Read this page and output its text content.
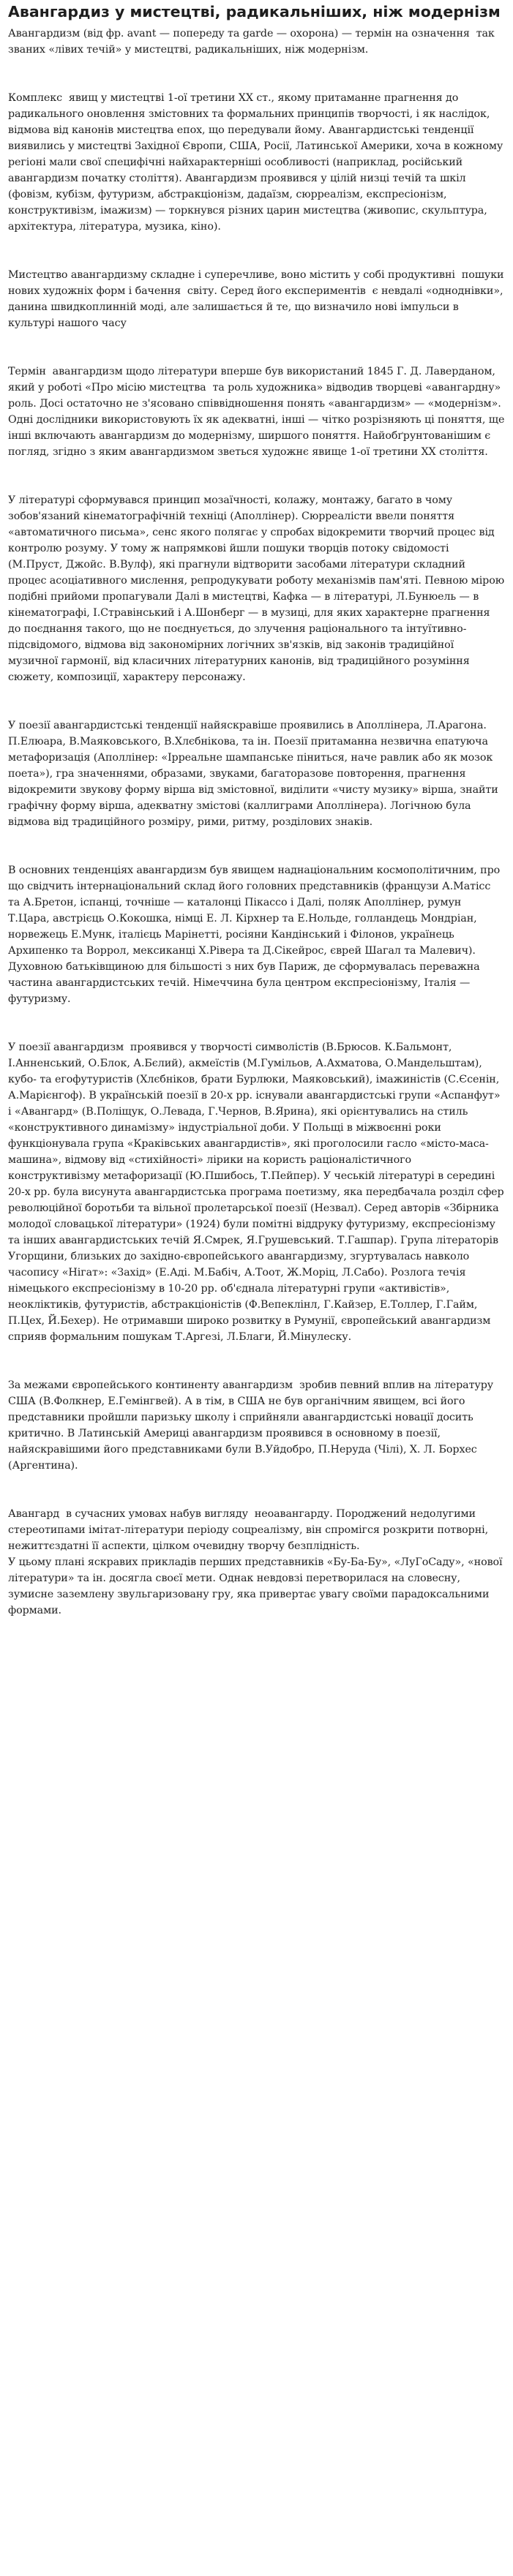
Авангардиз у мистецтві, радикальніших, ніж модернізм

Авангардизм (від фр. avant — попереду та garde — охорона) — термін на означення  так званих «лівих течій» у мистецтві, радикальніших, ніж модернізм.

Комплекс  явищ у мистецтві 1-ої третини XX ст., якому притаманне прагнення до радикального оновлення змістовних та формальних принципів творчості, і як наслідок, відмова від канонів мистецтва епох, що передували йому. Авангардистські тенденції виявились у мистецтві Західної Європи, США, Росії, Латинської Америки, хоча в кожному регіоні мали свої специфічні найхарактерніші особливості (наприклад, російський авангардизм початку століття). Авангардизм проявився у цілій низці течій та шкіл (фовізм, кубізм, футуризм, абстракціонізм, дадаїзм, сюрреалізм, експресіонізм, конструктивізм, імажизм) — торкнувся різних царин мистецтва (живопис, скульптура, архітектура, література, музика, кіно).

Мистецтво авангардизму складне і суперечливе, воно містить у собі продуктивні  пошуки нових художніх форм і бачення  світу. Серед його експериментів  є невдалі «одноднівки», данина швидкоплинній моді, але залишається й те, що визначило нові імпульси в культурі нашого часу

Термін  авангардизм щодо літератури вперше був використаний 1845 Г. Д. Лаверданом, який у роботі «Про місію мистецтва  та роль художника» відводив творцеві «авангардну» роль. Досі остаточно не з'ясовано співвідношення понять «авангардизм» — «модернізм». Одні дослідники використовують їх як адекватні, інші — чітко розрізняють ці поняття, ще інші включають авангардизм до модернізму, ширшого поняття. Найобґрунтованішим є погляд, згідно з яким авангардизмом зветься художнє явище 1-ої третини XX століття.

У літературі сформувався принцип мозаїчності, колажу, монтажу, багато в чому зобов'язаний кінематографічній техніці (Аполлінер). Сюрреалісти ввели поняття «автоматичного письма», сенс якого полягає у спробах відокремити творчий процес від контролю розуму. У тому ж напрямкові йшли пошуки творців потоку свідомості (М.Пруст, Джойс. В.Вулф), які прагнули відтворити засобами літератури складний процес асоціативного мислення, репродукувати роботу механізмів пам'яті. Певною мірою подібні прийоми пропагували Далі в мистецтві, Кафка — в літературі, Л.Бунюель — в кінематографі, І.Стравінський і А.Шонберг — в музиці, для яких характерне прагнення до поєднання такого, що не поєднується, до злучення раціонального та інтуїтивно-підсвідомого, відмова від закономірних логічних зв'язків, від законів традиційної музичної гармонії, від класичних літературних канонів, від традиційного розуміння сюжету, композиції, характеру персонажу.

У поезії авангардистські тенденції найяскравіше проявились в Аполлінера, Л.Арагона. П.Елюара, В.Маяковського, В.Хлєбнікова, та ін. Поезії притаманна незвична епатуюча метафоризація (Аполлінер: «Ірреальне шампанське піниться, наче равлик або як мозок поета»), гра значеннями, образами, звуками, багаторазове повторення, прагнення відокремити звукову форму вірша від змістовної, виділити «чисту музику» вірша, знайти графічну форму вірша, адекватну змістові (каллиграми Аполлінера). Логічною була відмова від традиційного розміру, рими, ритму, розділових знаків.

В основних тенденціях авангардизм був явищем наднаціональним космополітичним, про що свідчить інтернаціональний склад його головних представників (французи А.Матісс та А.Бретон, іспанці, точніше — каталонці Пікассо і Далі, поляк Аполлінер, румун Т.Цара, австрієць О.Кокошка, німці Е. Л. Кірхнер та Е.Нольде, голландець Мондріан, норвежець Е.Мунк, італієць Марінетті, росіяни Кандінський і Філонов, українець Архипенко та Воррол, мексиканці Х.Рівера та Д.Сікейрос, єврей Шагал та Малевич). Духовною батьківщиною для більшості з них був Париж, де сформувалась переважна частина авангардистських течій. Німеччина була центром експресіонізму, Італія — футуризму.

У поезії авангардизм  проявився у творчості символістів (В.Брюсов. К.Бальмонт, І.Анненський, О.Блок, А.Бєлий), акмеїстів (М.Гумільов, А.Ахматова, О.Мандельштам), кубо- та егофутуристів (Хлєбніков, брати Бурлюки, Маяковський), імажиністів (С.Єсенін, А.Марієнгоф). В українській поезії в 20-х рр. існували авангардистські групи «Аспанфут» і «Авангард» (В.Поліщук, О.Левада, Г.Чернов, В.Ярина), які орієнтувались на стиль «конструктивного динамізму» індустріальної доби. У Польщі в міжвоєнні роки функціонувала група «Краківських авангардистів», які проголосили гасло «місто-маса-машина», відмову від «стихійності» лірики на користь раціоналістичного конструктивізму метафоризації (Ю.Пшибось, Т.Пейпер). У чеській літературі в середині 20-х рр. була висунута авангардистська програма поетизму, яка передбачала розділ сфер революційної боротьби та вільної пролетарської поезії (Незвал). Серед авторів «Збірника молодої словацької літератури» (1924) були помітні віддруку футуризму, експресіонізму та інших авангардистських течій Я.Смрек, Я.Грушевський. Т.Гашпар). Група літераторів Угорщини, близьких до західно-європейського авангардизму, згуртувалась навколо часопису «Нігат»: «Захід» (Е.Аді. М.Бабіч, А.Тоот, Ж.Моріц, Л.Сабо). Розлога течія німецького експресіонізму в 10-20 рр. об'єднала літературні групи «активістів», неокліктиків, футуристів, абстракціоністів (Ф.Вепеклінл, Г.Кайзер, Е.Толлер, Г.Гайм, П.Цех, Й.Бехер). Не отримавши широко розвитку в Румунії, європейський авангардизм сприяв формальним пошукам Т.Аргезі, Л.Благи, Й.Мінулеску.

За межами європейського континенту авангардизм  зробив певний вплив на літературу США (В.Фолкнер, Е.Гемінгвей). А в тім, в США не був органічним явищем, всі його представники пройшли паризьку школу і сприйняли авангардистські новації досить критично. В Латинській Америці авангардизм проявився в основному в поезії, найяскравішими його представниками були В.Уйдобро, П.Неруда (Чілі), Х. Л. Борхес (Аргентина).

Авангард  в сучасних умовах набув вигляду  неоавангарду. Породжений недолугими стереотипами імітат-літератури періоду соцреалізму, він спромігся розкрити потворні, нежиттєздатні її аспекти, цілком очевидну творчу безплідність.
У цьому плані яскравих прикладів перших представників «Бу-Ба-Бу», «ЛуГоСаду», «нової літератури» та ін. досягла своєї мети. Однак невдовзі перетворилася на словесну, зумисне заземлену звульгаризовану гру, яка привертає увагу своїми парадоксальними формами.
